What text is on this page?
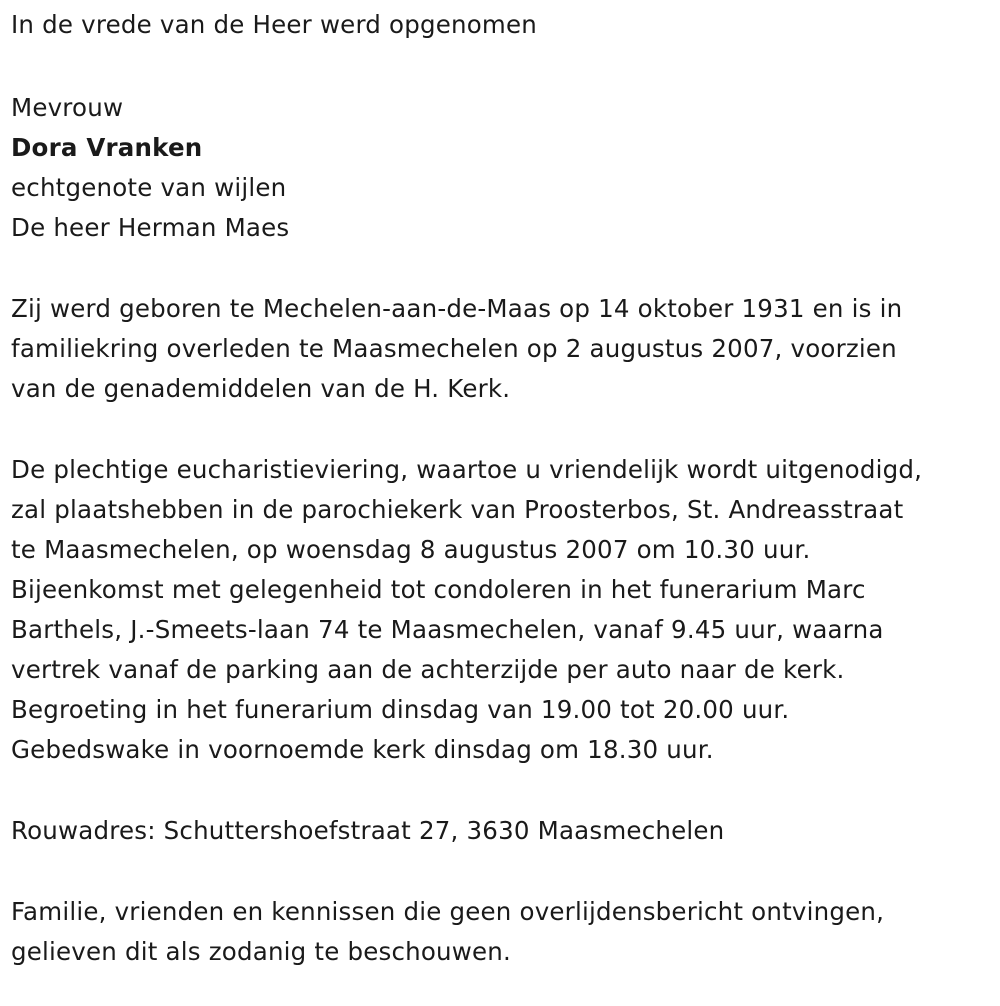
In de vrede van de Heer werd opgenomen
Mevrouw
Dora Vranken
echtgenote van wijlen
De heer Herman Maes
Zij werd geboren te Mechelen-aan-de-Maas op 14 oktober 1931 en is in
familiekring overleden te Maasmechelen op 2 augustus 2007, voorzien
van de genademiddelen van de H. Kerk.
De plechtige eucharistieviering, waartoe u vriendelijk wordt uitgenodigd,
zal plaatshebben in de parochiekerk van Proosterbos, St. Andreasstraat
te Maasmechelen, op woensdag 8 augustus 2007 om 10.30 uur.
Bijeenkomst met gelegenheid tot condoleren in het funerarium Marc
Barthels, J.-Smeets-laan 74 te Maasmechelen, vanaf 9.45 uur, waarna
vertrek vanaf de parking aan de achterzijde per auto naar de kerk.
Begroeting in het funerarium dinsdag van 19.00 tot 20.00 uur.
Gebedswake in voornoemde kerk dinsdag om 18.30 uur.
Rouwadres: Schuttershoefstraat 27, 3630 Maasmechelen
Familie, vrienden en kennissen die geen overlijdensbericht ontvingen,
gelieven dit als zodanig te beschouwen.
